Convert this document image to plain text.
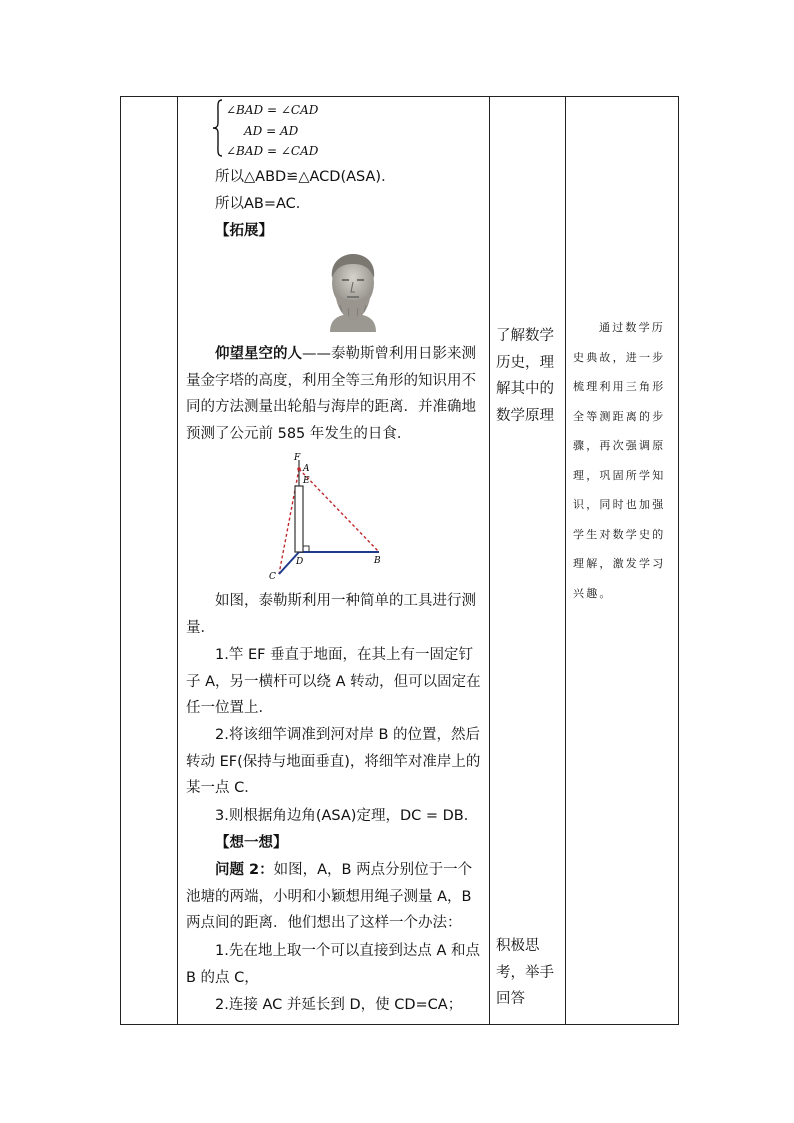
∠BAD = ∠CAD
AD = AD
∠BAD = ∠CAD
所以△ABD≌△ACD(ASA)．
所以AB=AC．
【拓展】
仰望星空的人——泰勒斯曾利用日影来测量金字塔的高度，利用全等三角形的知识用不同的方法测量出轮船与海岸的距离．并准确地预测了公元前 585 年发生的日食．
F
A
E
D	B
C
如图，泰勒斯利用一种简单的工具进行测量．
1.竿 EF 垂直于地面，在其上有一固定钉子 A，另一横杆可以绕 A 转动，但可以固定在任一位置上．
2.将该细竿调准到河对岸 B 的位置，然后转动 EF(保持与地面垂直)，将细竿对准岸上的某一点 C．
3.则根据角边角(ASA)定理，DC = DB．
【想一想】
问题 2：如图，A，B 两点分别位于一个池塘的两端，小明和小颖想用绳子测量 A，B 两点间的距离．他们想出了这样一个办法：
1.先在地上取一个可以直接到达点 A 和点 B 的点 C，
2.连接 AC 并延长到 D，使 CD=CA；
了解数学历史，理解其中的数学原理
积极思考，举手回答
通过数学历史典故，进一步梳理利用三角形全等测距离的步骤，再次强调原理，巩固所学知识，同时也加强学生对数学史的理解，激发学习兴趣。
